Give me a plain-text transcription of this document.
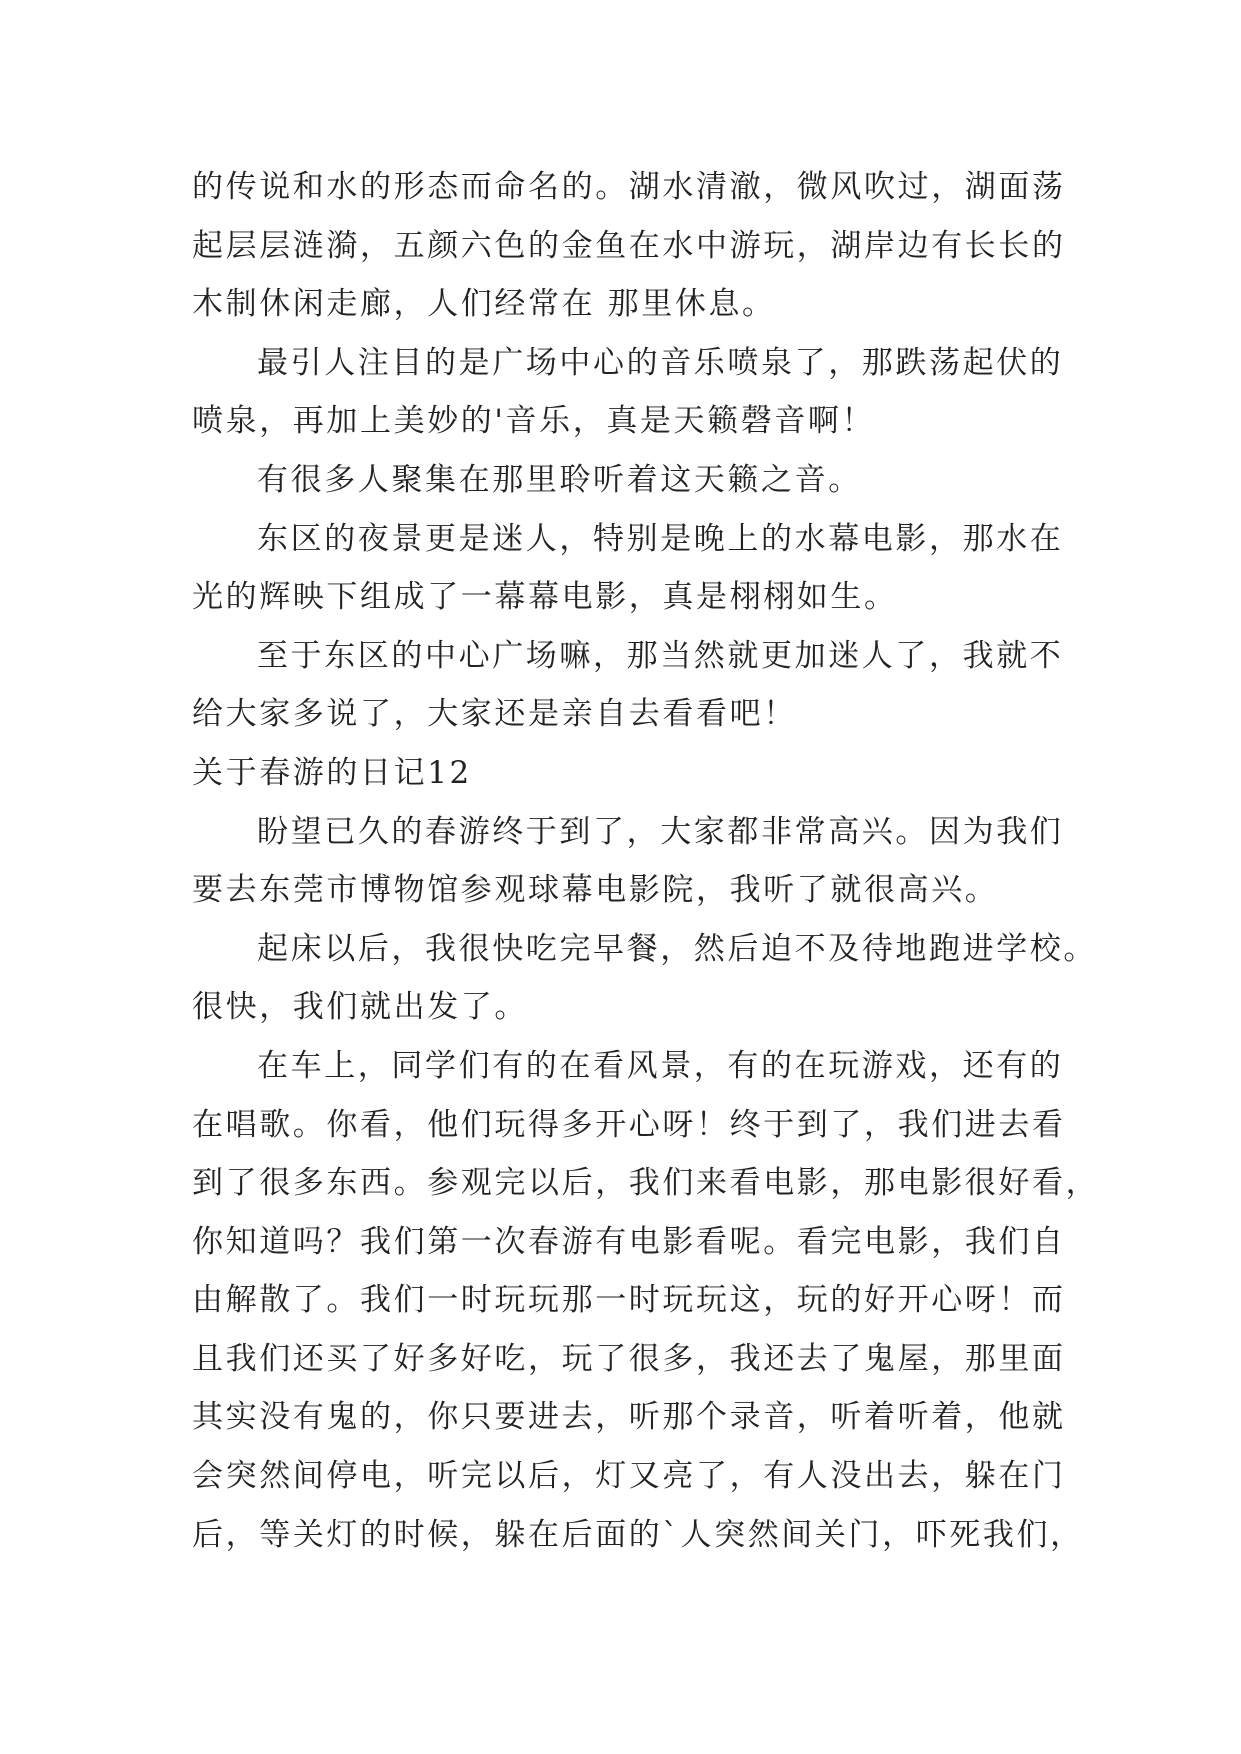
的传说和水的形态而命名的。湖水清澈，微风吹过，湖面荡
起层层涟漪，五颜六色的金鱼在水中游玩，湖岸边有长长的
木制休闲走廊，人们经常在 那里休息。
最引人注目的是广场中心的音乐喷泉了，那跌荡起伏的
喷泉，再加上美妙的'音乐，真是天籁磬音啊！
有很多人聚集在那里聆听着这天籁之音。
东区的夜景更是迷人，特别是晚上的水幕电影，那水在
光的辉映下组成了一幕幕电影，真是栩栩如生。
至于东区的中心广场嘛，那当然就更加迷人了，我就不
给大家多说了，大家还是亲自去看看吧！
关于春游的日记12
盼望已久的春游终于到了，大家都非常高兴。因为我们
要去东莞市博物馆参观球幕电影院，我听了就很高兴。
起床以后，我很快吃完早餐，然后迫不及待地跑进学校。
很快，我们就出发了。
在车上，同学们有的在看风景，有的在玩游戏，还有的
在唱歌。你看，他们玩得多开心呀！终于到了，我们进去看
到了很多东西。参观完以后，我们来看电影，那电影很好看，
你知道吗？我们第一次春游有电影看呢。看完电影，我们自
由解散了。我们一时玩玩那一时玩玩这，玩的好开心呀！而
且我们还买了好多好吃，玩了很多，我还去了鬼屋，那里面
其实没有鬼的，你只要进去，听那个录音，听着听着，他就
会突然间停电，听完以后，灯又亮了，有人没出去，躲在门
后，等关灯的时候，躲在后面的`人突然间关门，吓死我们，
